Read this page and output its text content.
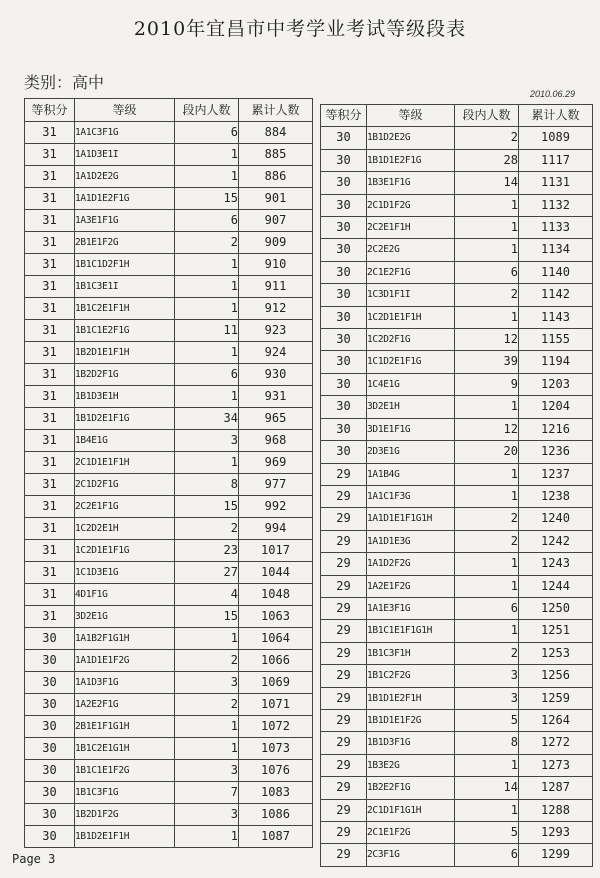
2010年宜昌市中考学业考试等级段表
类别：高中
2010.06.29
等积分	等级	段内人数	累计人数
31	1A1C3F1G	6	884
31	1A1D3E1I	1	885
31	1A1D2E2G	1	886
31	1A1D1E2F1G	15	901
31	1A3E1F1G	6	907
31	2B1E1F2G	2	909
31	1B1C1D2F1H	1	910
31	1B1C3E1I	1	911
31	1B1C2E1F1H	1	912
31	1B1C1E2F1G	11	923
31	1B2D1E1F1H	1	924
31	1B2D2F1G	6	930
31	1B1D3E1H	1	931
31	1B1D2E1F1G	34	965
31	1B4E1G	3	968
31	2C1D1E1F1H	1	969
31	2C1D2F1G	8	977
31	2C2E1F1G	15	992
31	1C2D2E1H	2	994
31	1C2D1E1F1G	23	1017
31	1C1D3E1G	27	1044
31	4D1F1G	4	1048
31	3D2E1G	15	1063
30	1A1B2F1G1H	1	1064
30	1A1D1E1F2G	2	1066
30	1A1D3F1G	3	1069
30	1A2E2F1G	2	1071
30	2B1E1F1G1H	1	1072
30	1B1C2E1G1H	1	1073
30	1B1C1E1F2G	3	1076
30	1B1C3F1G	7	1083
30	1B2D1F2G	3	1086
30	1B1D2E1F1H	1	1087
等积分	等级	段内人数	累计人数
30	1B1D2E2G	2	1089
30	1B1D1E2F1G	28	1117
30	1B3E1F1G	14	1131
30	2C1D1F2G	1	1132
30	2C2E1F1H	1	1133
30	2C2E2G	1	1134
30	2C1E2F1G	6	1140
30	1C3D1F1I	2	1142
30	1C2D1E1F1H	1	1143
30	1C2D2F1G	12	1155
30	1C1D2E1F1G	39	1194
30	1C4E1G	9	1203
30	3D2E1H	1	1204
30	3D1E1F1G	12	1216
30	2D3E1G	20	1236
29	1A1B4G	1	1237
29	1A1C1F3G	1	1238
29	1A1D1E1F1G1H	2	1240
29	1A1D1E3G	2	1242
29	1A1D2F2G	1	1243
29	1A2E1F2G	1	1244
29	1A1E3F1G	6	1250
29	1B1C1E1F1G1H	1	1251
29	1B1C3F1H	2	1253
29	1B1C2F2G	3	1256
29	1B1D1E2F1H	3	1259
29	1B1D1E1F2G	5	1264
29	1B1D3F1G	8	1272
29	1B3E2G	1	1273
29	1B2E2F1G	14	1287
29	2C1D1F1G1H	1	1288
29	2C1E1F2G	5	1293
29	2C3F1G	6	1299
Page 3
